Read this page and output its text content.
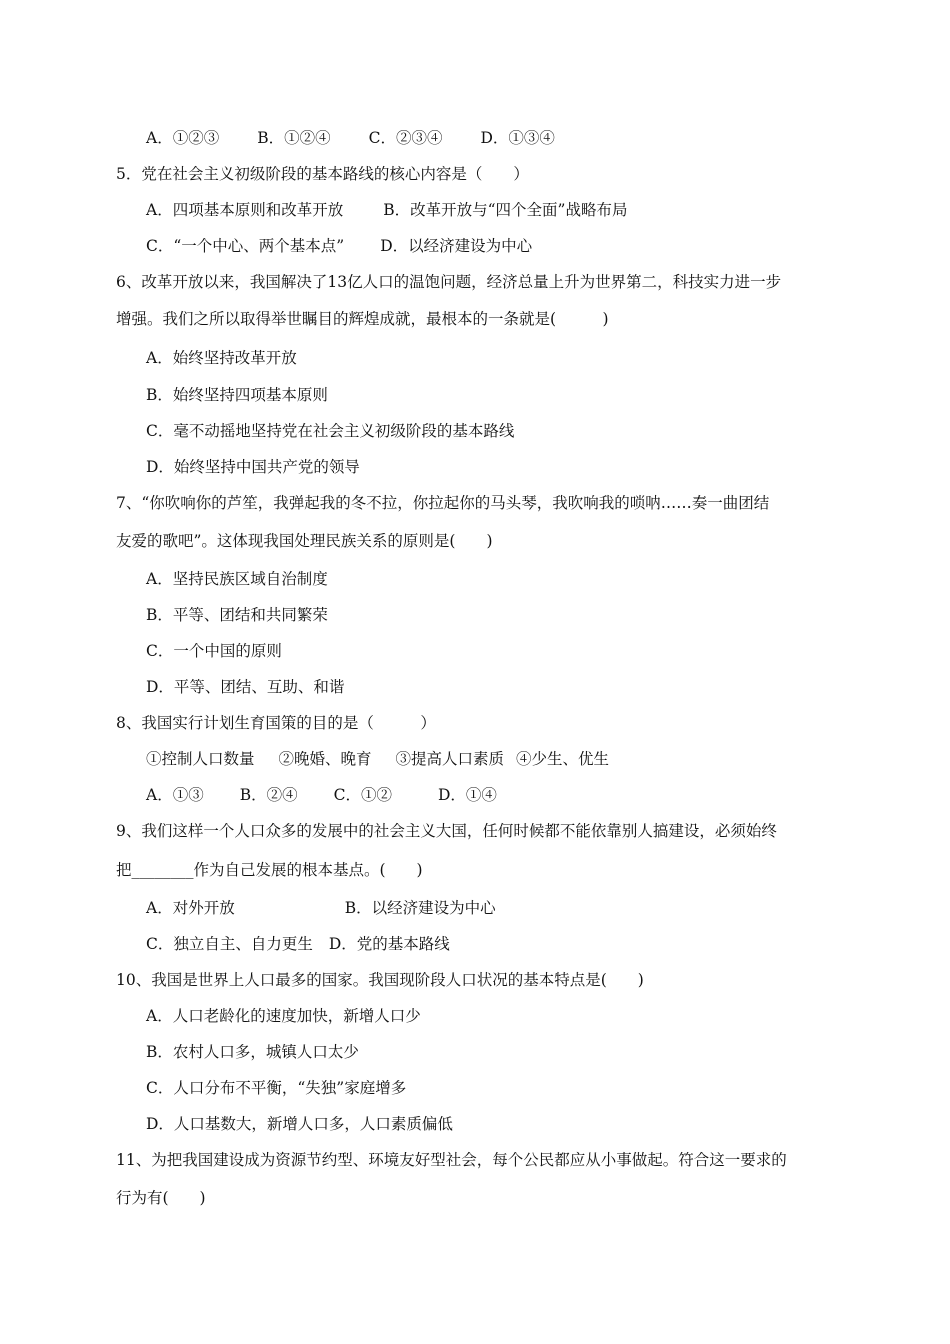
A．①②③ B．①②④ C．②③④ D．①③④
5．党在社会主义初级阶段的基本路线的核心内容是（　　）
A．四项基本原则和改革开放	B．改革开放与“四个全面”战略布局
C．“一个中心、两个基本点” D．以经济建设为中心
6、改革开放以来，我国解决了13亿人口的温饱问题，经济总量上升为世界第二，科技实力进一步
增强。我们之所以取得举世瞩目的辉煌成就，最根本的一条就是(　　　)
A．始终坚持改革开放
B．始终坚持四项基本原则
C．毫不动摇地坚持党在社会主义初级阶段的基本路线
D．始终坚持中国共产党的领导
7、“你吹响你的芦笙，我弹起我的冬不拉，你拉起你的马头琴，我吹响我的唢呐……奏一曲团结
友爱的歌吧”。这体现我国处理民族关系的原则是(　　)
A．坚持民族区域自治制度
B．平等、团结和共同繁荣
C．一个中国的原则
D．平等、团结、互助、和谐
8、我国实行计划生育国策的目的是（　　　）
①控制人口数量 ②晚婚、晚育 ③提高人口素质 ④少生、优生
A．①③ B．②④ C．①②	D．①④
9、我们这样一个人口众多的发展中的社会主义大国，任何时候都不能依靠别人搞建设，必须始终
把________作为自己发展的根本基点。(　　)
A．对外开放	B．以经济建设为中心
C．独立自主、自力更生 D．党的基本路线
10、我国是世界上人口最多的国家。我国现阶段人口状况的基本特点是(　　)
A．人口老龄化的速度加快，新增人口少
B．农村人口多，城镇人口太少
C．人口分布不平衡，“失独”家庭增多
D．人口基数大，新增人口多，人口素质偏低
11、为把我国建设成为资源节约型、环境友好型社会，每个公民都应从小事做起。符合这一要求的
行为有(　　)
